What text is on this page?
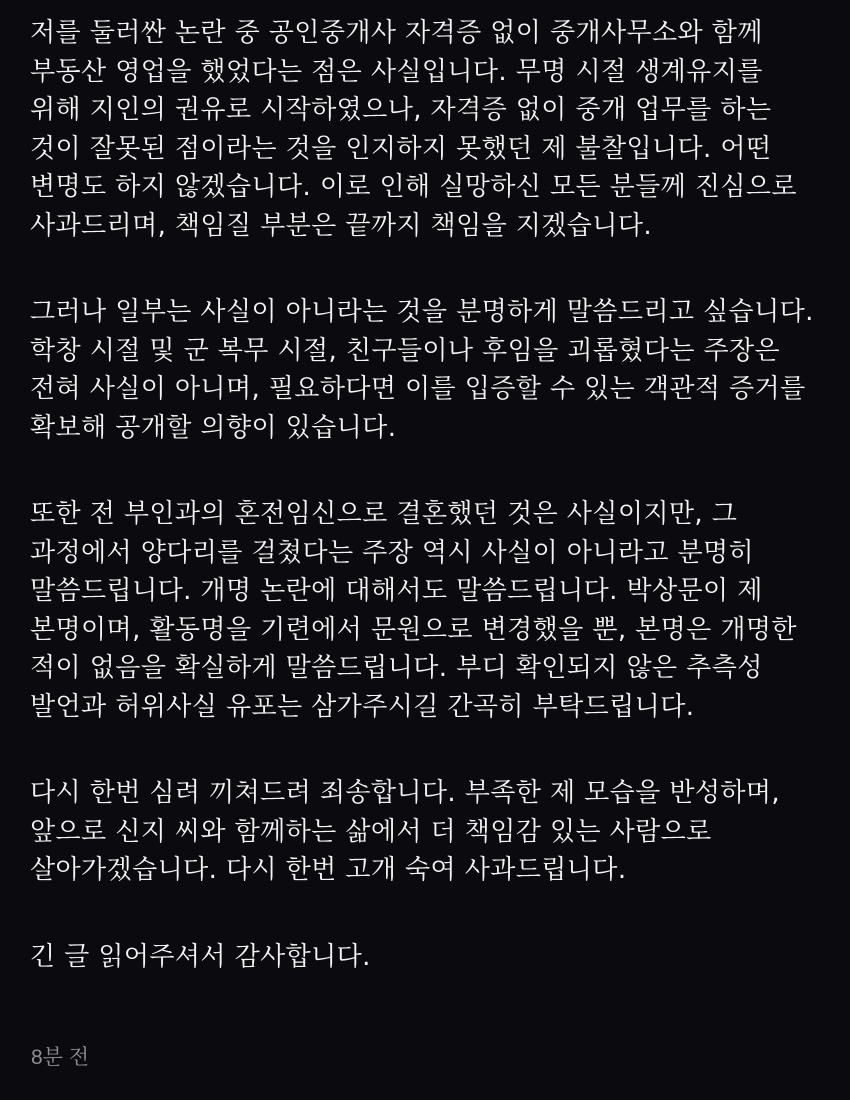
저를 둘러싼 논란 중 공인중개사 자격증 없이 중개사무소와 함께
부동산 영업을 했었다는 점은 사실입니다. 무명 시절 생계유지를
위해 지인의 권유로 시작하였으나, 자격증 없이 중개 업무를 하는
것이 잘못된 점이라는 것을 인지하지 못했던 제 불찰입니다. 어떤
변명도 하지 않겠습니다. 이로 인해 실망하신 모든 분들께 진심으로
사과드리며, 책임질 부분은 끝까지 책임을 지겠습니다.

그러나 일부는 사실이 아니라는 것을 분명하게 말씀드리고 싶습니다.
학창 시절 및 군 복무 시절, 친구들이나 후임을 괴롭혔다는 주장은
전혀 사실이 아니며, 필요하다면 이를 입증할 수 있는 객관적 증거를
확보해 공개할 의향이 있습니다.

또한 전 부인과의 혼전임신으로 결혼했던 것은 사실이지만, 그
과정에서 양다리를 걸쳤다는 주장 역시 사실이 아니라고 분명히
말씀드립니다. 개명 논란에 대해서도 말씀드립니다. 박상문이 제
본명이며, 활동명을 기련에서 문원으로 변경했을 뿐, 본명은 개명한
적이 없음을 확실하게 말씀드립니다. 부디 확인되지 않은 추측성
발언과 허위사실 유포는 삼가주시길 간곡히 부탁드립니다.

다시 한번 심려 끼쳐드려 죄송합니다. 부족한 제 모습을 반성하며,
앞으로 신지 씨와 함께하는 삶에서 더 책임감 있는 사람으로
살아가겠습니다. 다시 한번 고개 숙여 사과드립니다.

긴 글 읽어주셔서 감사합니다.

8분 전
